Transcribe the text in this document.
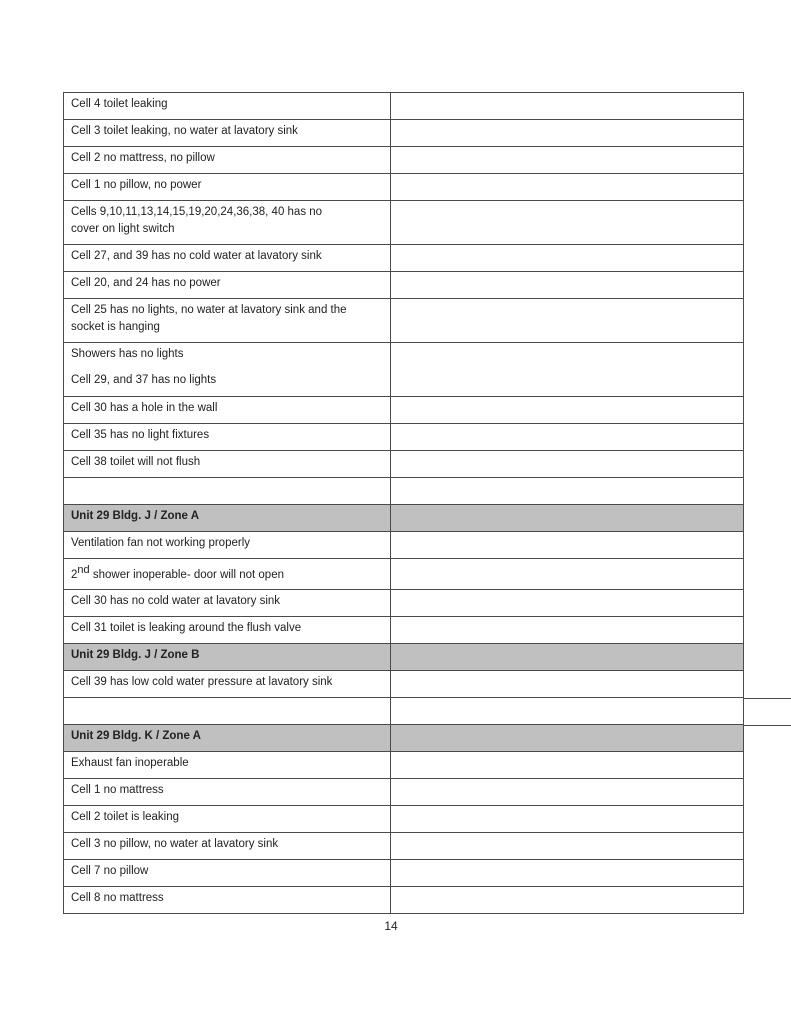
Cell 4 toilet leaking	

Cell 3 toilet leaking, no water at lavatory sink	

Cell 2 no mattress, no pillow	

Cell 1 no pillow, no power	

Cells 9,10,11,13,14,15,19,20,24,36,38, 40 has no
cover on light switch	

Cell 27, and 39 has no cold water at lavatory sink	

Cell 20, and 24 has no power	

Cell 25 has no lights, no water at lavatory sink and the
socket is hanging	

Showers has no lights
Cell 29, and 37 has no lights	

Cell 30 has a hole in the wall	

Cell 35 has no light fixtures	

Cell 38 toilet will not flush	

Unit 29 Bldg. J / Zone A	

Ventilation fan not working properly	

2nd shower inoperable- door will not open	

Cell 30 has no cold water at lavatory sink	

Cell 31 toilet is leaking around the flush valve	

Unit 29 Bldg. J / Zone B	

Cell 39 has low cold water pressure at lavatory sink	

Unit 29 Bldg. K / Zone A	

Exhaust fan inoperable	

Cell 1 no mattress	

Cell 2 toilet is leaking	

Cell 3 no pillow, no water at lavatory sink	

Cell 7 no pillow	

Cell 8 no mattress	

14
